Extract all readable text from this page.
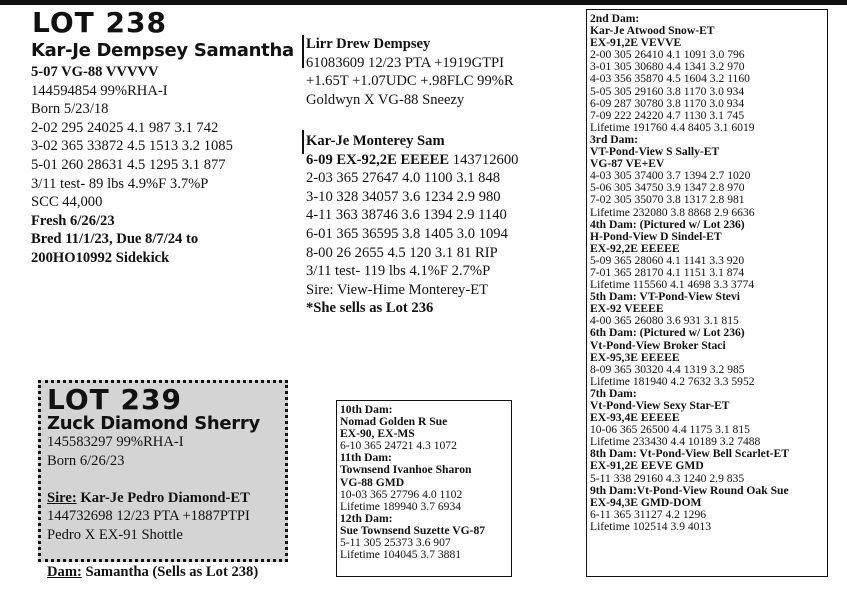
LOT 238
Kar-Je Dempsey Samantha
5-07 VG-88 VVVVV
144594854 99%RHA-I
Born 5/23/18
2-02 295 24025 4.1 987 3.1 742
3-02 365 33872 4.5 1513 3.2 1085
5-01 260 28631 4.5 1295 3.1 877
3/11 test- 89 lbs 4.9%F 3.7%P
SCC 44,000
Fresh 6/26/23
Bred 11/1/23, Due 8/7/24 to
200HO10992 Sidekick
Lirr Drew Dempsey
61083609 12/23 PTA +1919GTPI
+1.65T +1.07UDC +.98FLC 99%R
Goldwyn X VG-88 Sneezy
Kar-Je Monterey Sam
6-09 EX-92,2E EEEEE 143712600
2-03 365 27647 4.0 1100 3.1 848
3-10 328 34057 3.6 1234 2.9 980
4-11 363 38746 3.6 1394 2.9 1140
6-01 365 36595 3.8 1405 3.0 1094
8-00 26 2655 4.5 120 3.1 81 RIP
3/11 test- 119 lbs 4.1%F 2.7%P
Sire: View-Hime Monterey-ET
*She sells as Lot 236
2nd Dam:
Kar-Je Atwood Snow-ET
EX-91,2E VEVVE
2-00 305 26410 4.1 1091 3.0 796
3-01 305 30680 4.4 1341 3.2 970
4-03 356 35870 4.5 1604 3.2 1160
5-05 305 29160 3.8 1170 3.0 934
6-09 287 30780 3.8 1170 3.0 934
7-09 222 24220 4.7 1130 3.1 745
Lifetime 191760 4.4 8405 3.1 6019
3rd Dam:
VT-Pond-View S Sally-ET
VG-87 VE+EV
4-03 305 37400 3.7 1394 2.7 1020
5-06 305 34750 3.9 1347 2.8 970
7-02 305 35070 3.8 1317 2.8 981
Lifetime 232080 3.8 8868 2.9 6636
4th Dam: (Pictured w/ Lot 236)
H-Pond-View D Sindel-ET
EX-92,2E EEEEE
5-09 365 28060 4.1 1141 3.3 920
7-01 365 28170 4.1 1151 3.1 874
Lifetime 115560 4.1 4698 3.3 3774
5th Dam: VT-Pond-View Stevi
EX-92 VEEEE
4-00 365 26080 3.6 931 3.1 815
6th Dam: (Pictured w/ Lot 236)
Vt-Pond-View Broker Staci
EX-95,3E EEEEE
8-09 365 30320 4.4 1319 3.2 985
Lifetime 181940 4.2 7632 3.3 5952
7th Dam:
Vt-Pond-View Sexy Star-ET
EX-93,4E EEEEE
10-06 365 26500 4.4 1175 3.1 815
Lifetime 233430 4.4 10189 3.2 7488
8th Dam: Vt-Pond-View Bell Scarlet-ET
EX-91,2E EEVE GMD
5-11 338 29160 4.3 1240 2.9 835
9th Dam:Vt-Pond-View Round Oak Sue
EX-94,3E GMD-DOM
6-11 365 31127 4.2 1296
Lifetime 102514 3.9 4013
LOT 239
Zuck Diamond Sherry
145583297 99%RHA-I
Born 6/26/23

Sire: Kar-Je Pedro Diamond-ET
144732698 12/23 PTA +1887PTPI
Pedro X EX-91 Shottle

Dam: Samantha (Sells as Lot 238)
10th Dam:
Nomad Golden R Sue
EX-90, EX-MS
6-10 365 24721 4.3 1072
11th Dam:
Townsend Ivanhoe Sharon
VG-88 GMD
10-03 365 27796 4.0 1102
Lifetime 189940 3.7 6934
12th Dam:
Sue Townsend Suzette VG-87
5-11 305 25373 3.6 907
Lifetime 104045 3.7 3881
